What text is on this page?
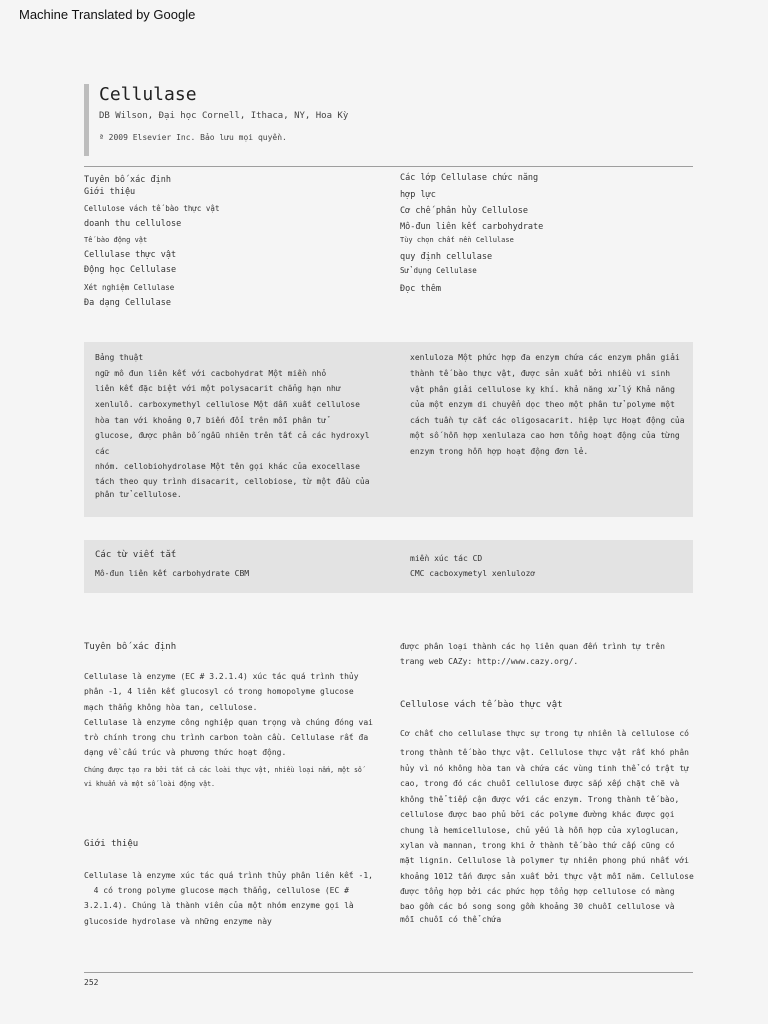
Machine Translated by Google
Cellulase
DB Wilson, Đại học Cornell, Ithaca, NY, Hoa Kỳ
ª 2009 Elsevier Inc. Bảo lưu mọi quyền.
Tuyên bố xác định
Giới thiệu
Cellulose vách tế bào thực vật
doanh thu cellulose
Tế bào động vật
Cellulase thực vật
Động học Cellulase
Xét nghiệm Cellulase
Đa dạng Cellulase
Các lớp Cellulase chức năng
hợp lực
Cơ chế phân hủy Cellulose
Mô-đun liên kết carbohydrate
Tùy chọn chất nền Cellulase
quy định cellulase
Sử dụng Cellulase
Đọc thêm
Bảng thuật
ngữ mô đun liên kết với cacbohydrat Một miền nhỏ
liên kết đặc biệt với một polysacarit chẳng hạn như
xenlulô. carboxymethyl cellulose Một dẫn xuất cellulose
hòa tan với khoảng 0,7 biến đổi trên mỗi phân tử
glucose, được phân bố ngẫu nhiên trên tất cả các hydroxyl
các
nhóm. cellobiohydrolase Một tên gọi khác của exocellase
tách theo quy trình disacarit, cellobiose, từ một đầu của
phân tử cellulose.
xenluloza Một phức hợp đa enzym chứa các enzym phân giải
thành tế bào thực vật, được sản xuất bởi nhiều vi sinh
vật phân giải cellulose kỵ khí. khả năng xử lý Khả năng
của một enzym di chuyển dọc theo một phân tử polyme một
cách tuần tự cắt các oligosacarit. hiệp lực Hoạt động của
một số hỗn hợp xenlulaza cao hơn tổng hoạt động của từng
enzym trong hỗn hợp hoạt động đơn lẻ.
Các từ viết tắt
Mô-đun liên kết carbohydrate CBM
miền xúc tác CD
CMC cacboxymetyl xenlulozơ
Tuyên bố xác định
Cellulase là enzyme (EC # 3.2.1.4) xúc tác quá trình thủy
phân -1, 4 liên kết glucosyl có trong homopolyme glucose
mạch thẳng không hòa tan, cellulose.
Cellulase là enzyme công nghiệp quan trọng và chúng đóng vai
trò chính trong chu trình carbon toàn cầu. Cellulase rất đa
dạng về cấu trúc và phương thức hoạt động.
Chúng được tạo ra bởi tất cả các loài thực vật, nhiều loại nấm, một số
vi khuẩn và một số loài động vật.
Giới thiệu
Cellulase là enzyme xúc tác quá trình thủy phân liên kết -1,
4 có trong polyme glucose mạch thẳng, cellulose (EC #
3.2.1.4). Chúng là thành viên của một nhóm enzyme gọi là
glucoside hydrolase và những enzyme này
được phân loại thành các họ liên quan đến trình tự trên
trang web CAZy: http://www.cazy.org/.
Cellulose vách tế bào thực vật
Cơ chất cho cellulase thực sự trong tự nhiên là cellulose có
trong thành tế bào thực vật. Cellulose thực vật rất khó phân
hủy vì nó không hòa tan và chứa các vùng tinh thể có trật tự
cao, trong đó các chuỗi cellulose được sắp xếp chặt chẽ và
không thể tiếp cận được với các enzym. Trong thành tế bào,
cellulose được bao phủ bởi các polyme đường khác được gọi
chung là hemicellulose, chủ yếu là hỗn hợp của xyloglucan,
xylan và mannan, trong khi ở thành tế bào thứ cấp cũng có
mặt lignin. Cellulose là polymer tự nhiên phong phú nhất với
khoảng 1012 tấn được sản xuất bởi thực vật mỗi năm. Cellulose
được tổng hợp bởi các phức hợp tổng hợp cellulose có màng
bao gồm các bó song song gồm khoảng 30 chuỗi cellulose và
mỗi chuỗi có thể chứa
252
